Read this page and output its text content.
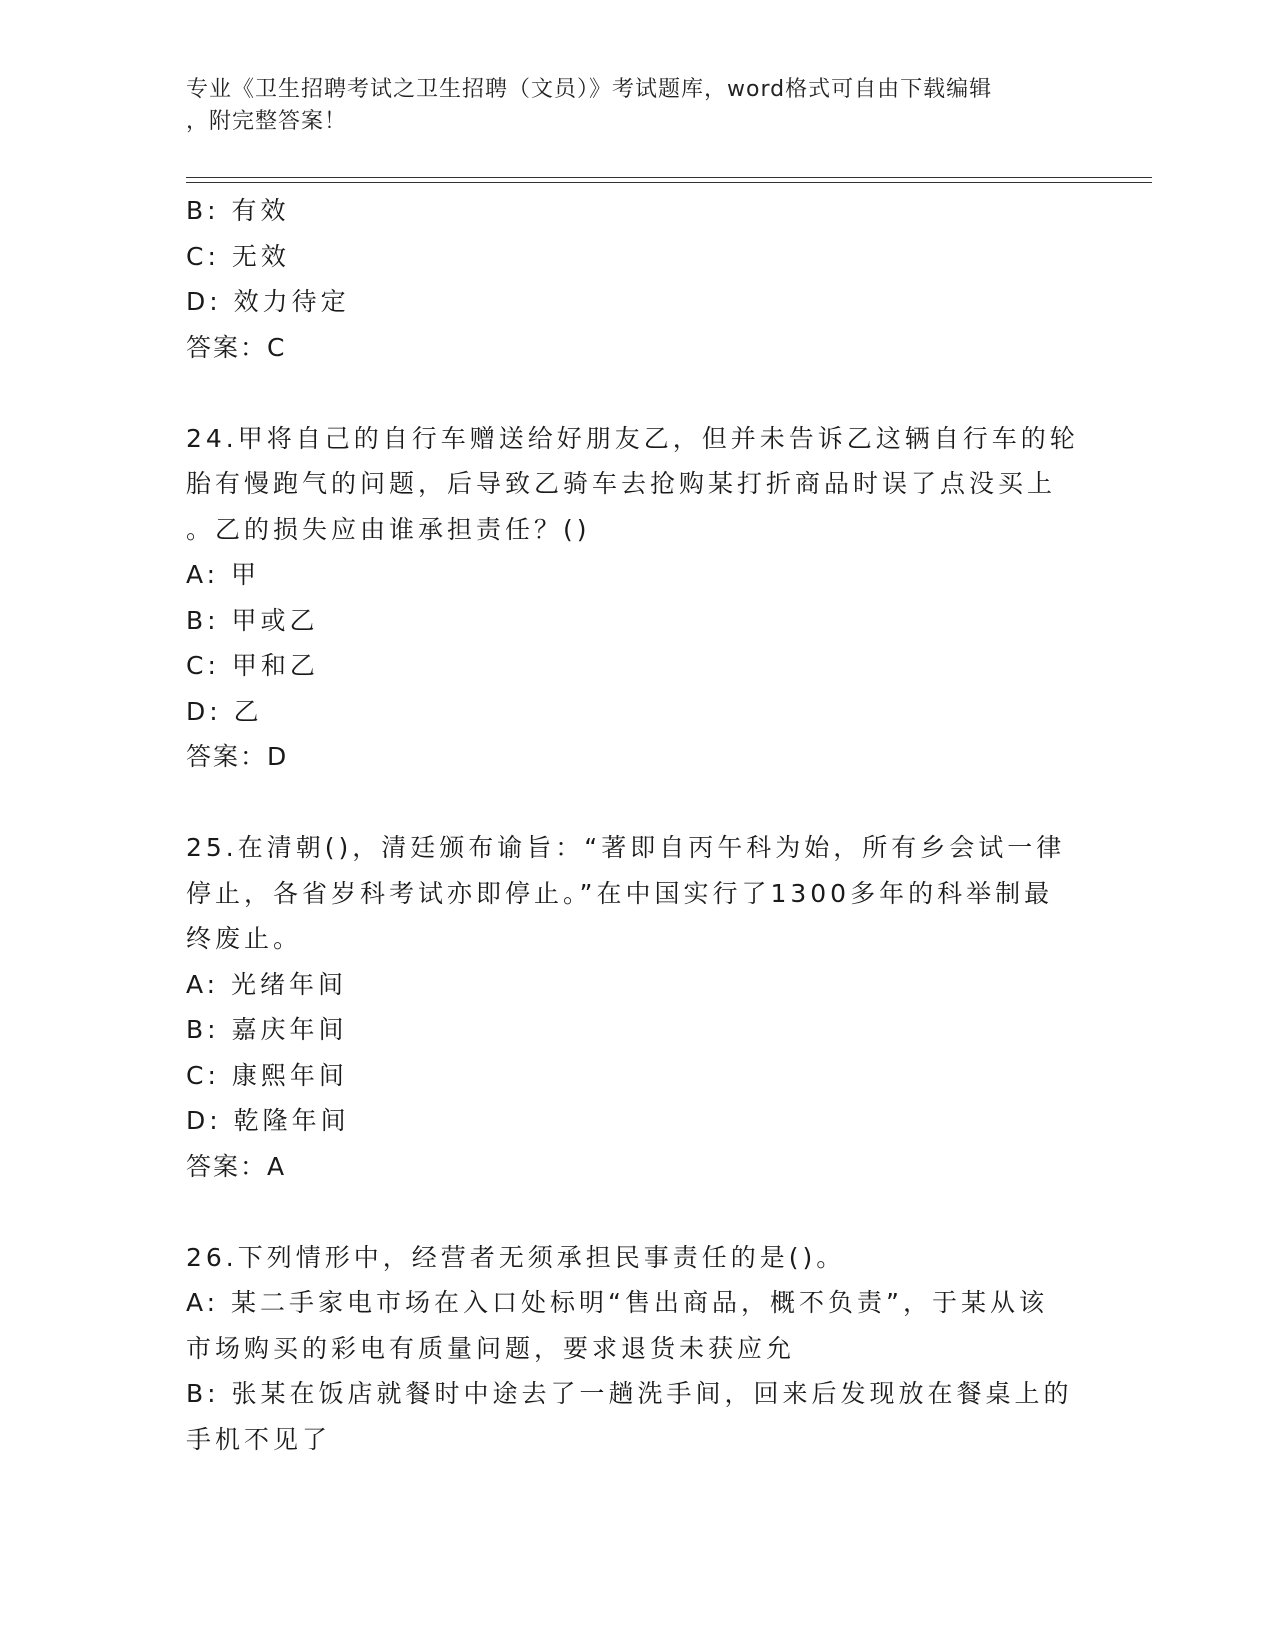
专业《卫生招聘考试之卫生招聘（文员）》考试题库，word格式可自由下载编辑
，附完整答案！
B: 有效
C: 无效
D: 效力待定
答案：C
24.甲将自己的自行车赠送给好朋友乙，但并未告诉乙这辆自行车的轮
胎有慢跑气的问题，后导致乙骑车去抢购某打折商品时误了点没买上
。乙的损失应由谁承担责任？()
A: 甲
B: 甲或乙
C: 甲和乙
D: 乙
答案：D
25.在清朝()，清廷颁布谕旨：“著即自丙午科为始，所有乡会试一律
停止，各省岁科考试亦即停止。”在中国实行了1300多年的科举制最
终废止。
A: 光绪年间
B: 嘉庆年间
C: 康熙年间
D: 乾隆年间
答案：A
26.下列情形中，经营者无须承担民事责任的是()。
A: 某二手家电市场在入口处标明“售出商品，概不负责”，于某从该
市场购买的彩电有质量问题，要求退货未获应允
B: 张某在饭店就餐时中途去了一趟洗手间，回来后发现放在餐桌上的
手机不见了
